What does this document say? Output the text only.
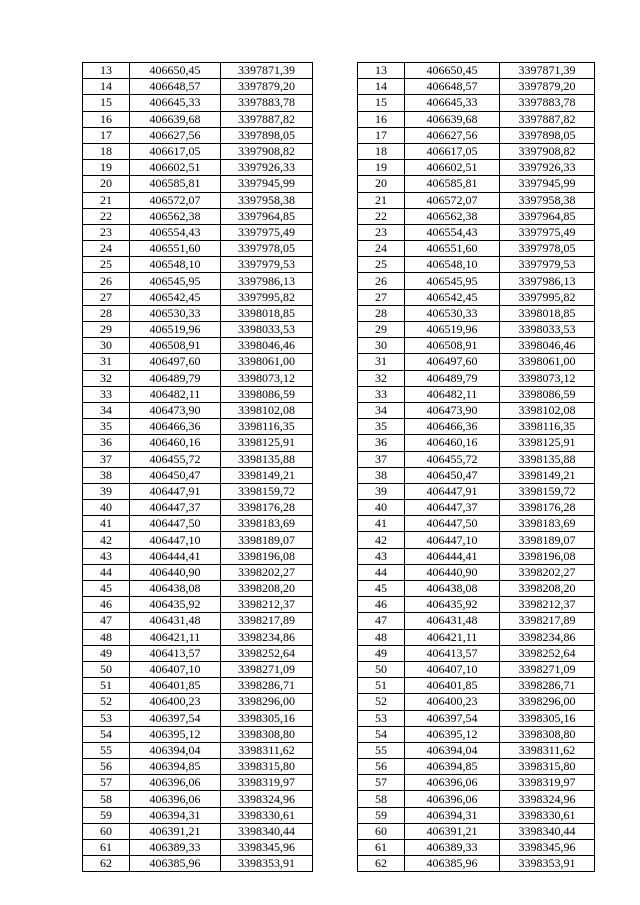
13	406650,45	3397871,39		13	406650,45	3397871,39
14	406648,57	3397879,20		14	406648,57	3397879,20
15	406645,33	3397883,78		15	406645,33	3397883,78
16	406639,68	3397887,82		16	406639,68	3397887,82
17	406627,56	3397898,05		17	406627,56	3397898,05
18	406617,05	3397908,82		18	406617,05	3397908,82
19	406602,51	3397926,33		19	406602,51	3397926,33
20	406585,81	3397945,99		20	406585,81	3397945,99
21	406572,07	3397958,38		21	406572,07	3397958,38
22	406562,38	3397964,85		22	406562,38	3397964,85
23	406554,43	3397975,49		23	406554,43	3397975,49
24	406551,60	3397978,05		24	406551,60	3397978,05
25	406548,10	3397979,53		25	406548,10	3397979,53
26	406545,95	3397986,13		26	406545,95	3397986,13
27	406542,45	3397995,82		27	406542,45	3397995,82
28	406530,33	3398018,85		28	406530,33	3398018,85
29	406519,96	3398033,53		29	406519,96	3398033,53
30	406508,91	3398046,46		30	406508,91	3398046,46
31	406497,60	3398061,00		31	406497,60	3398061,00
32	406489,79	3398073,12		32	406489,79	3398073,12
33	406482,11	3398086,59		33	406482,11	3398086,59
34	406473,90	3398102,08		34	406473,90	3398102,08
35	406466,36	3398116,35		35	406466,36	3398116,35
36	406460,16	3398125,91		36	406460,16	3398125,91
37	406455,72	3398135,88		37	406455,72	3398135,88
38	406450,47	3398149,21		38	406450,47	3398149,21
39	406447,91	3398159,72		39	406447,91	3398159,72
40	406447,37	3398176,28		40	406447,37	3398176,28
41	406447,50	3398183,69		41	406447,50	3398183,69
42	406447,10	3398189,07		42	406447,10	3398189,07
43	406444,41	3398196,08		43	406444,41	3398196,08
44	406440,90	3398202,27		44	406440,90	3398202,27
45	406438,08	3398208,20		45	406438,08	3398208,20
46	406435,92	3398212,37		46	406435,92	3398212,37
47	406431,48	3398217,89		47	406431,48	3398217,89
48	406421,11	3398234,86		48	406421,11	3398234,86
49	406413,57	3398252,64		49	406413,57	3398252,64
50	406407,10	3398271,09		50	406407,10	3398271,09
51	406401,85	3398286,71		51	406401,85	3398286,71
52	406400,23	3398296,00		52	406400,23	3398296,00
53	406397,54	3398305,16		53	406397,54	3398305,16
54	406395,12	3398308,80		54	406395,12	3398308,80
55	406394,04	3398311,62		55	406394,04	3398311,62
56	406394,85	3398315,80		56	406394,85	3398315,80
57	406396,06	3398319,97		57	406396,06	3398319,97
58	406396,06	3398324,96		58	406396,06	3398324,96
59	406394,31	3398330,61		59	406394,31	3398330,61
60	406391,21	3398340,44		60	406391,21	3398340,44
61	406389,33	3398345,96		61	406389,33	3398345,96
62	406385,96	3398353,91		62	406385,96	3398353,91
